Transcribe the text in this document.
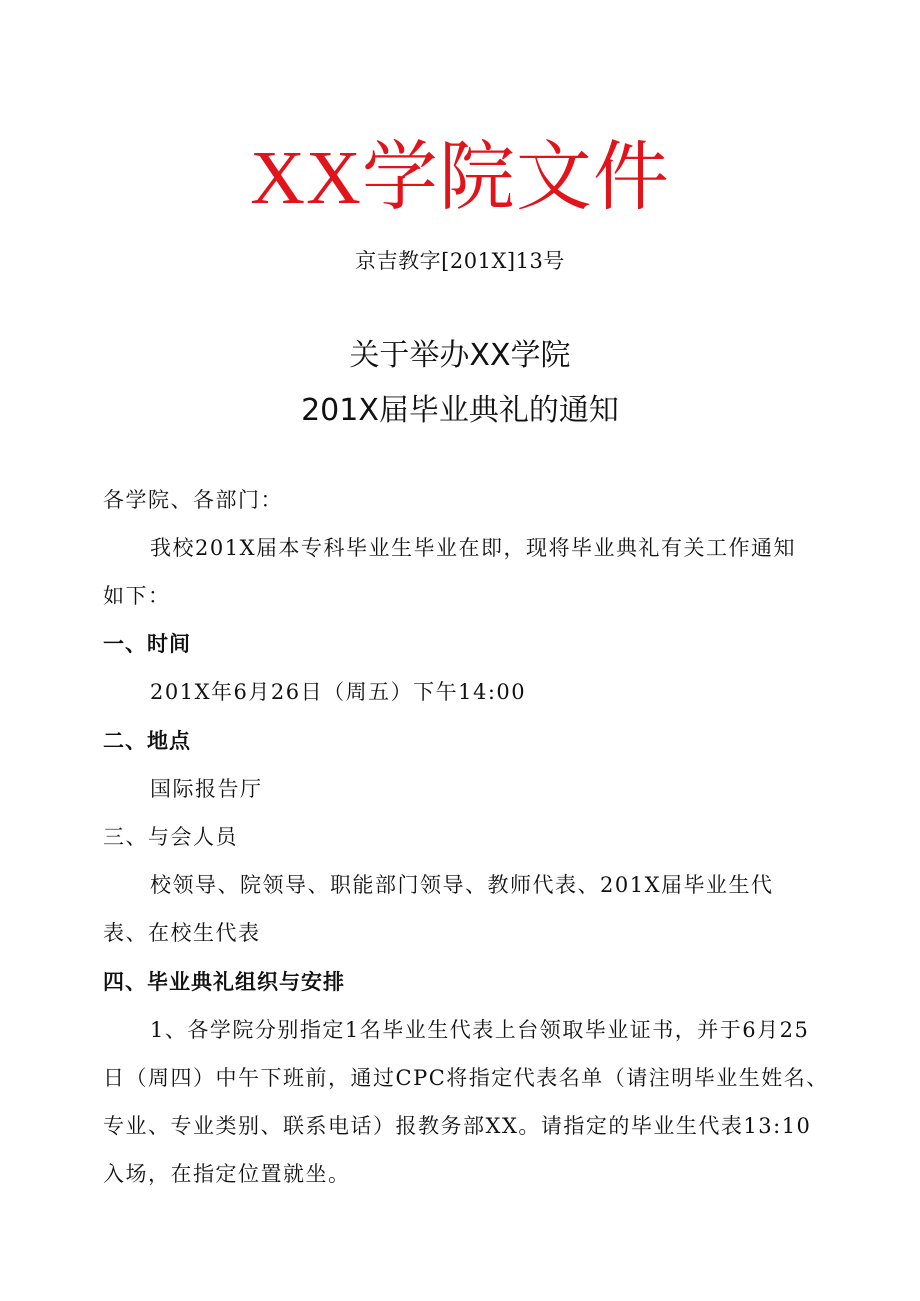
XX学院文件
京吉教字[201X]13号
关于举办XX学院
201X届毕业典礼的通知
各学院、各部门：
我校201X届本专科毕业生毕业在即，现将毕业典礼有关工作通知
如下：
一、时间
201X年6月26日（周五）下午14:00
二、地点
国际报告厅
三、与会人员
校领导、院领导、职能部门领导、教师代表、201X届毕业生代
表、在校生代表
四、毕业典礼组织与安排
1、各学院分别指定1名毕业生代表上台领取毕业证书，并于6月25
日（周四）中午下班前，通过CPC将指定代表名单（请注明毕业生姓名、
专业、专业类别、联系电话）报教务部XX。请指定的毕业生代表13:10
入场，在指定位置就坐。
